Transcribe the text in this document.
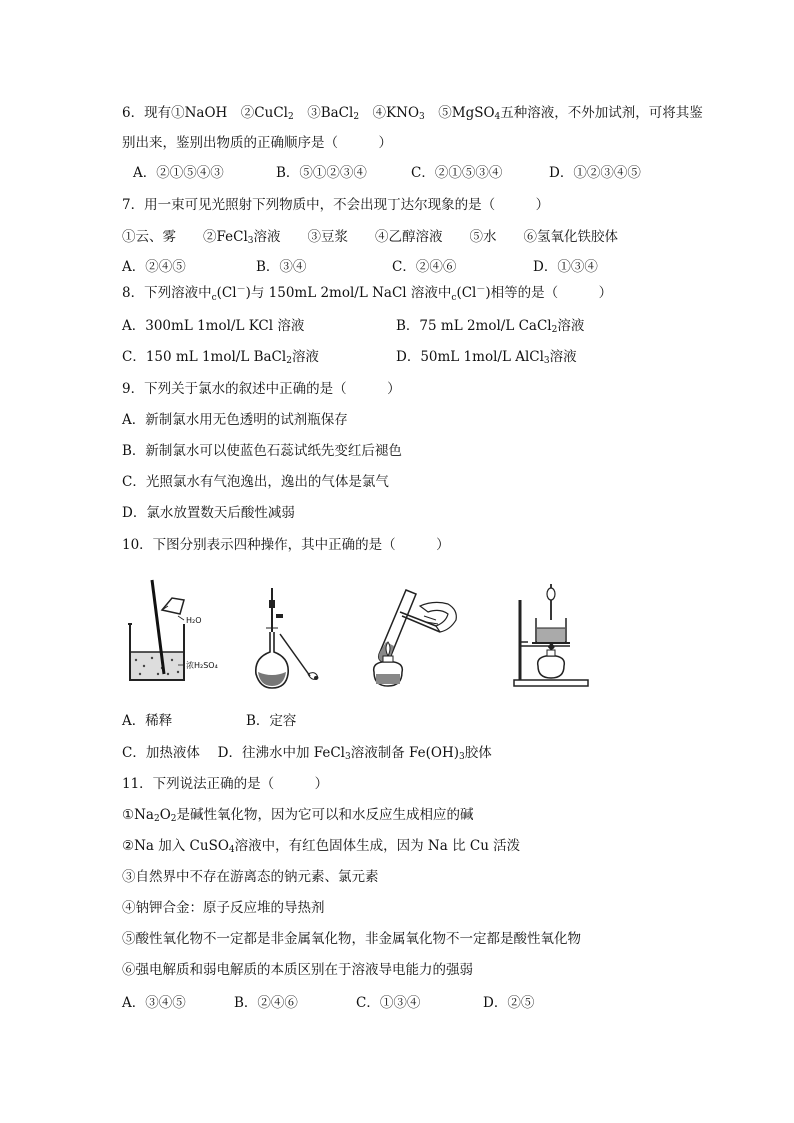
6．现有①NaOH　②CuCl$_2$　③BaCl$_2$　$④KNO_3$　⑤MgSO$_4$五种溶液，不外加试剂，可将其鉴
别出来，鉴别出物质的正确顺序是（　　　）
A．②①⑤④③	B．⑤①②③④	C．②①⑤③④	D．①②③④⑤
7．用一束可见光照射下列物质中，不会出现丁达尔现象的是（　　　）
①云、雾　　②FeCl$_3$溶液　　③豆浆　　④乙醇溶液　　⑤水　　⑥氢氧化铁胶体
A．②④⑤	B．③④	C．②④⑥	D．①③④
8．下列溶液中$_c$(Cl－)与 150mL 2mol/L NaCl 溶液中$_c$(Cl－)相等的是（　　　）
A．300mL 1mol/L KCl 溶液	B．75 mL 2mol/L CaCl$_2$溶液
C．150 mL 1mol/L BaCl$_2$溶液	D．50mL 1mol/L AlCl$_3$溶液
9．下列关于氯水的叙述中正确的是（　　　）
A．新制氯水用无色透明的试剂瓶保存
B．新制氯水可以使蓝色石蕊试纸先变红后褪色
C．光照氯水有气泡逸出，逸出的气体是氯气
D．氯水放置数天后酸性减弱
10．下图分别表示四种操作，其中正确的是（　　　）
H₂O
浓H₂SO₄
A．稀释	B．定容
C．加热液体　 D．往沸水中加 FeCl$_3$溶液制备 $Fe(OH)_3$胶体
11．下列说法正确的是（　　　）
$①Na_2O_2$是碱性氧化物，因为它可以和水反应生成相应的碱
②Na 加入 CuSO$_4$溶液中，有红色固体生成，因为 Na 比 Cu 活泼
③自然界中不存在游离态的钠元素、氯元素
④钠钾合金：原子反应堆的导热剂
⑤酸性氧化物不一定都是非金属氧化物，非金属氧化物不一定都是酸性氧化物
⑥强电解质和弱电解质的本质区别在于溶液导电能力的强弱
A．③④⑤	B．②④⑥	C．①③④	D．②⑤
